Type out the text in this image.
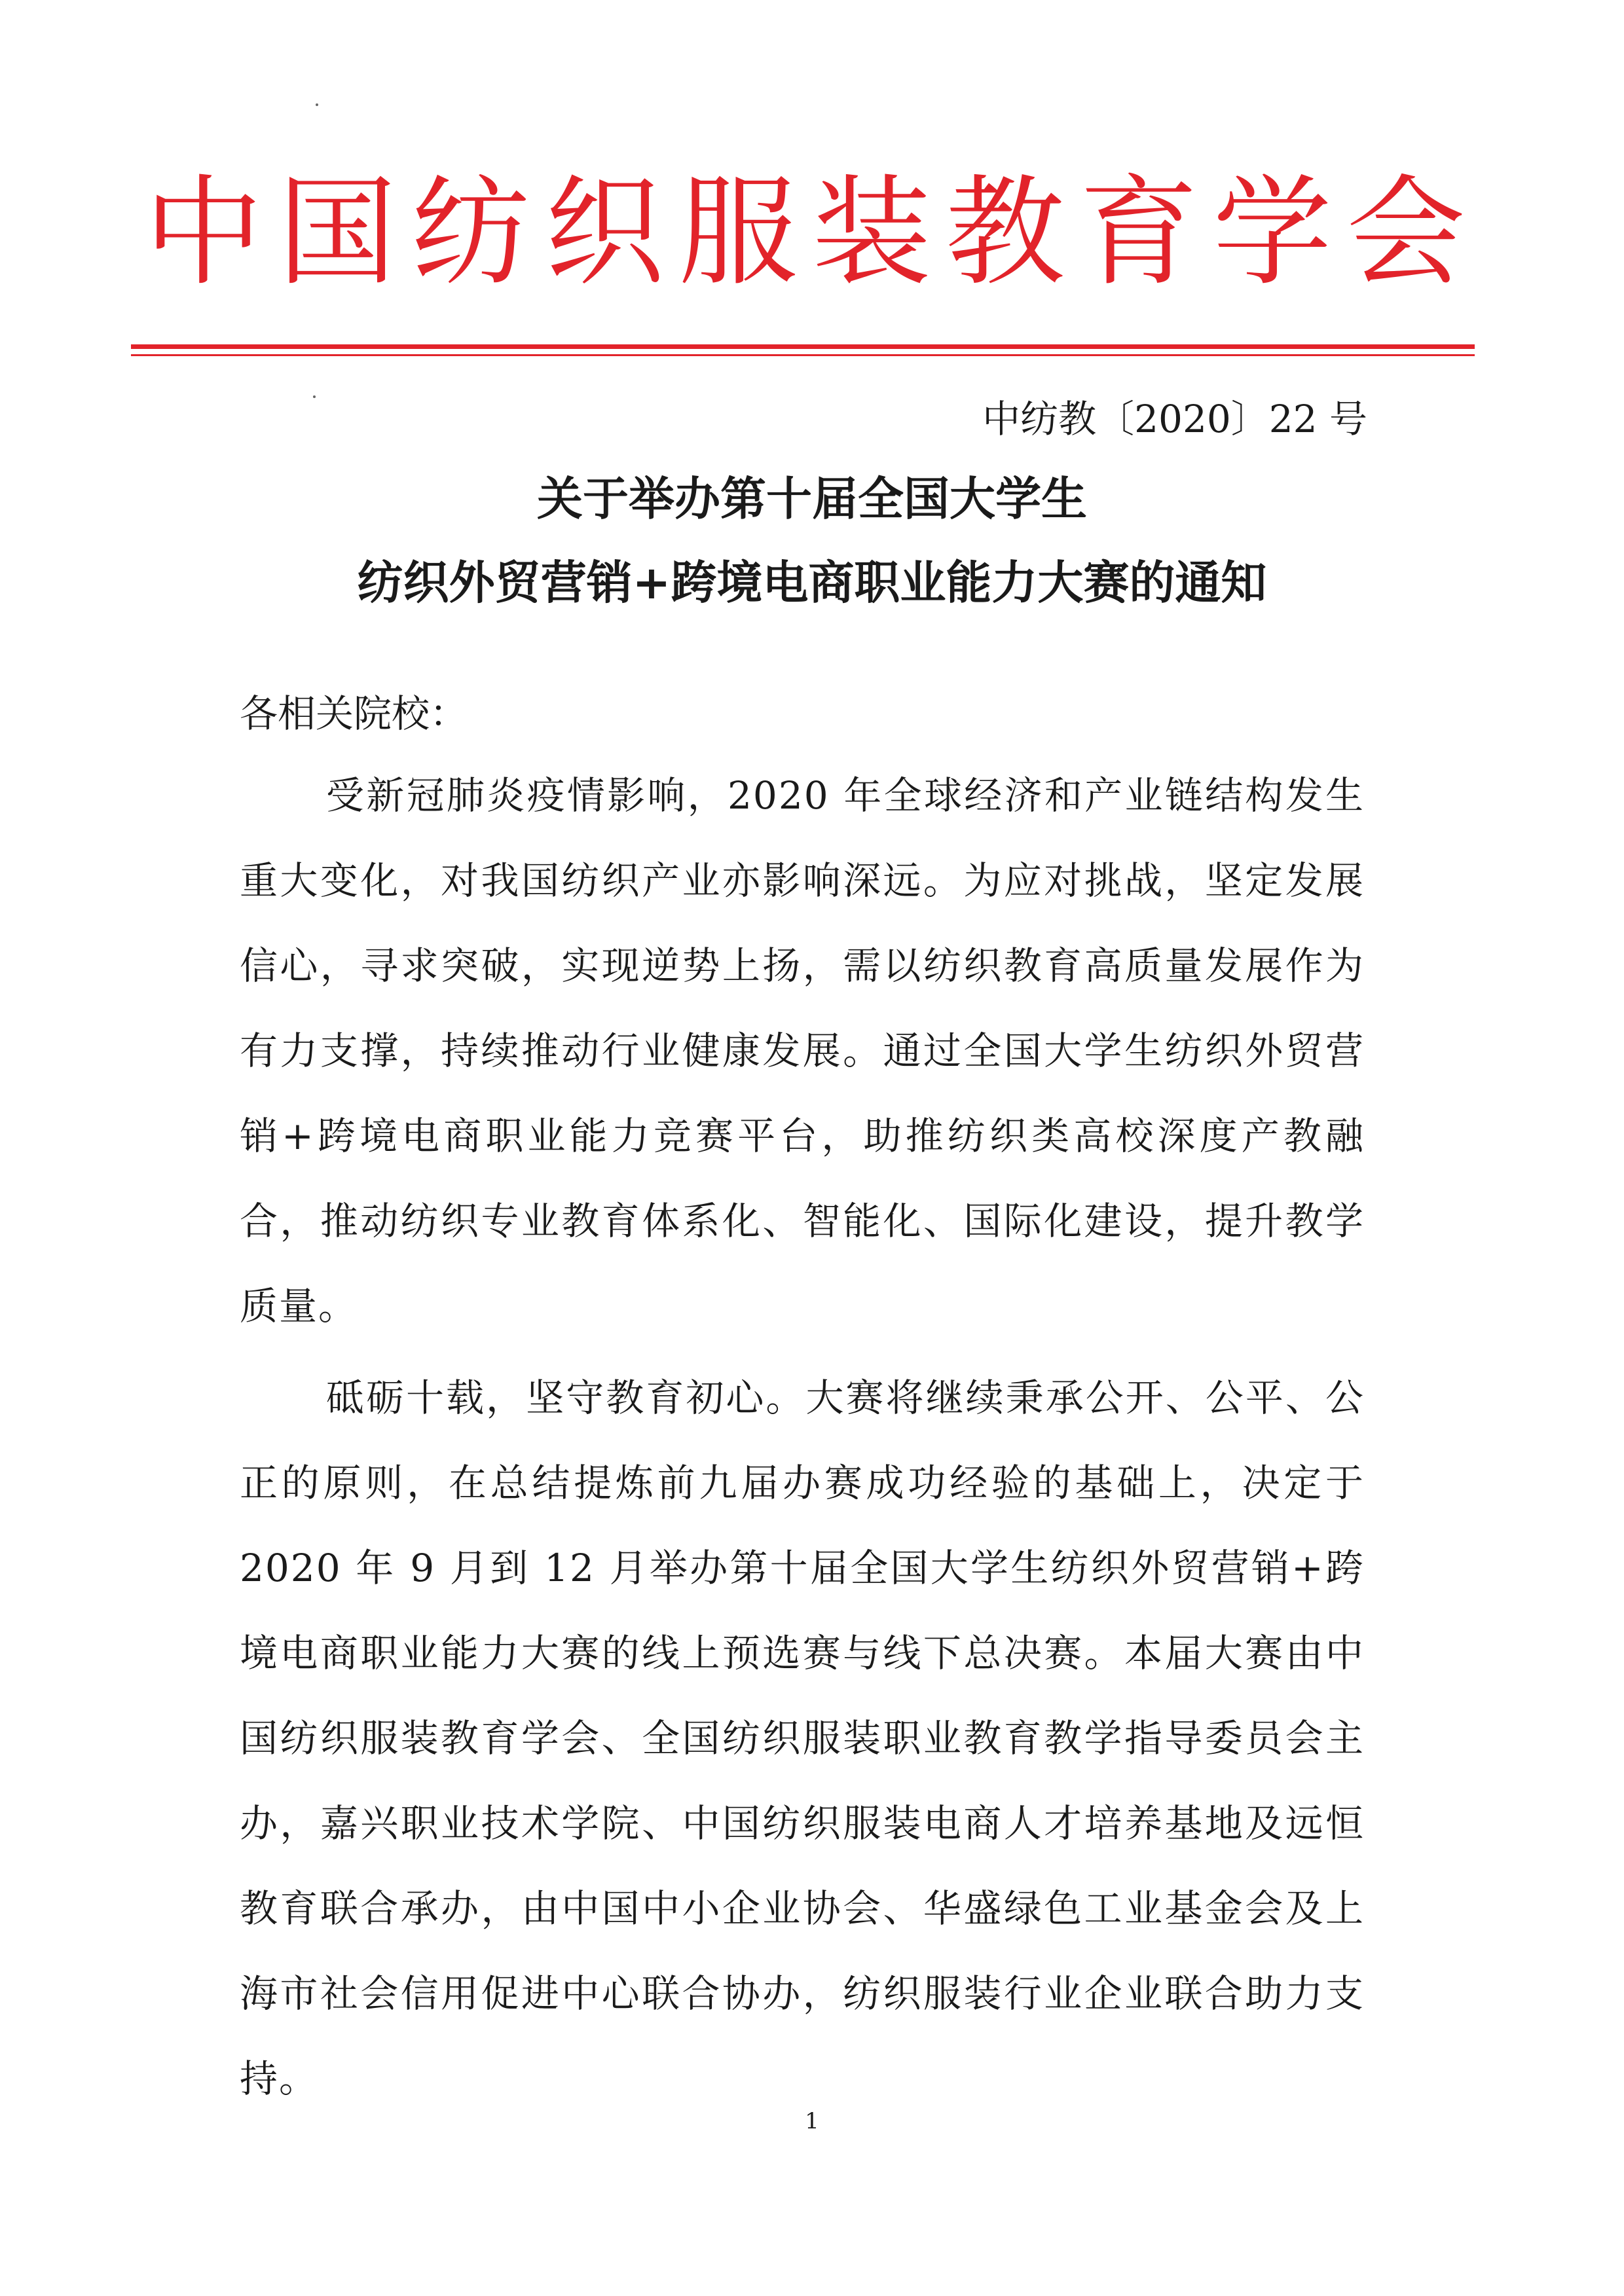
中国纺织服装教育学会
中纺教〔2020〕22 号
关于举办第十届全国大学生
纺织外贸营销+跨境电商职业能力大赛的通知
各相关院校：

受新冠肺炎疫情影响，2020 年全球经济和产业链结构发生重大变化，对我国纺织产业亦影响深远。为应对挑战，坚定发展信心，寻求突破，实现逆势上扬，需以纺织教育高质量发展作为有力支撑，持续推动行业健康发展。通过全国大学生纺织外贸营销+跨境电商职业能力竞赛平台，助推纺织类高校深度产教融合，推动纺织专业教育体系化、智能化、国际化建设，提升教学质量。

砥砺十载，坚守教育初心。大赛将继续秉承公开、公平、公正的原则，在总结提炼前九届办赛成功经验的基础上，决定于 2020 年 9 月到 12 月举办第十届全国大学生纺织外贸营销+跨境电商职业能力大赛的线上预选赛与线下总决赛。本届大赛由中国纺织服装教育学会、全国纺织服装职业教育教学指导委员会主办，嘉兴职业技术学院、中国纺织服装电商人才培养基地及远恒教育联合承办，由中国中小企业协会、华盛绿色工业基金会及上海市社会信用促进中心联合协办，纺织服装行业企业联合助力支持。

1
